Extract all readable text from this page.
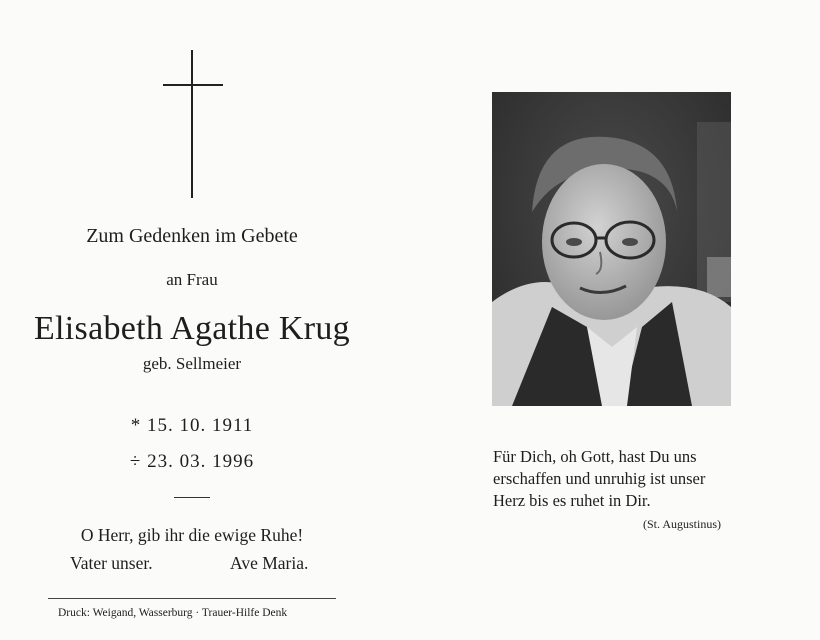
Zum Gedenken im Gebete
an Frau
Elisabeth Agathe Krug
geb. Sellmeier
* 15. 10. 1911
÷ 23. 03. 1996
O Herr, gib ihr die ewige Ruhe!
Vater unser.	Ave Maria.
Druck: Weigand, Wasserburg · Trauer-Hilfe Denk
Für Dich, oh Gott, hast Du uns
erschaffen und unruhig ist unser
Herz bis es ruhet in Dir.
(St. Augustinus)
